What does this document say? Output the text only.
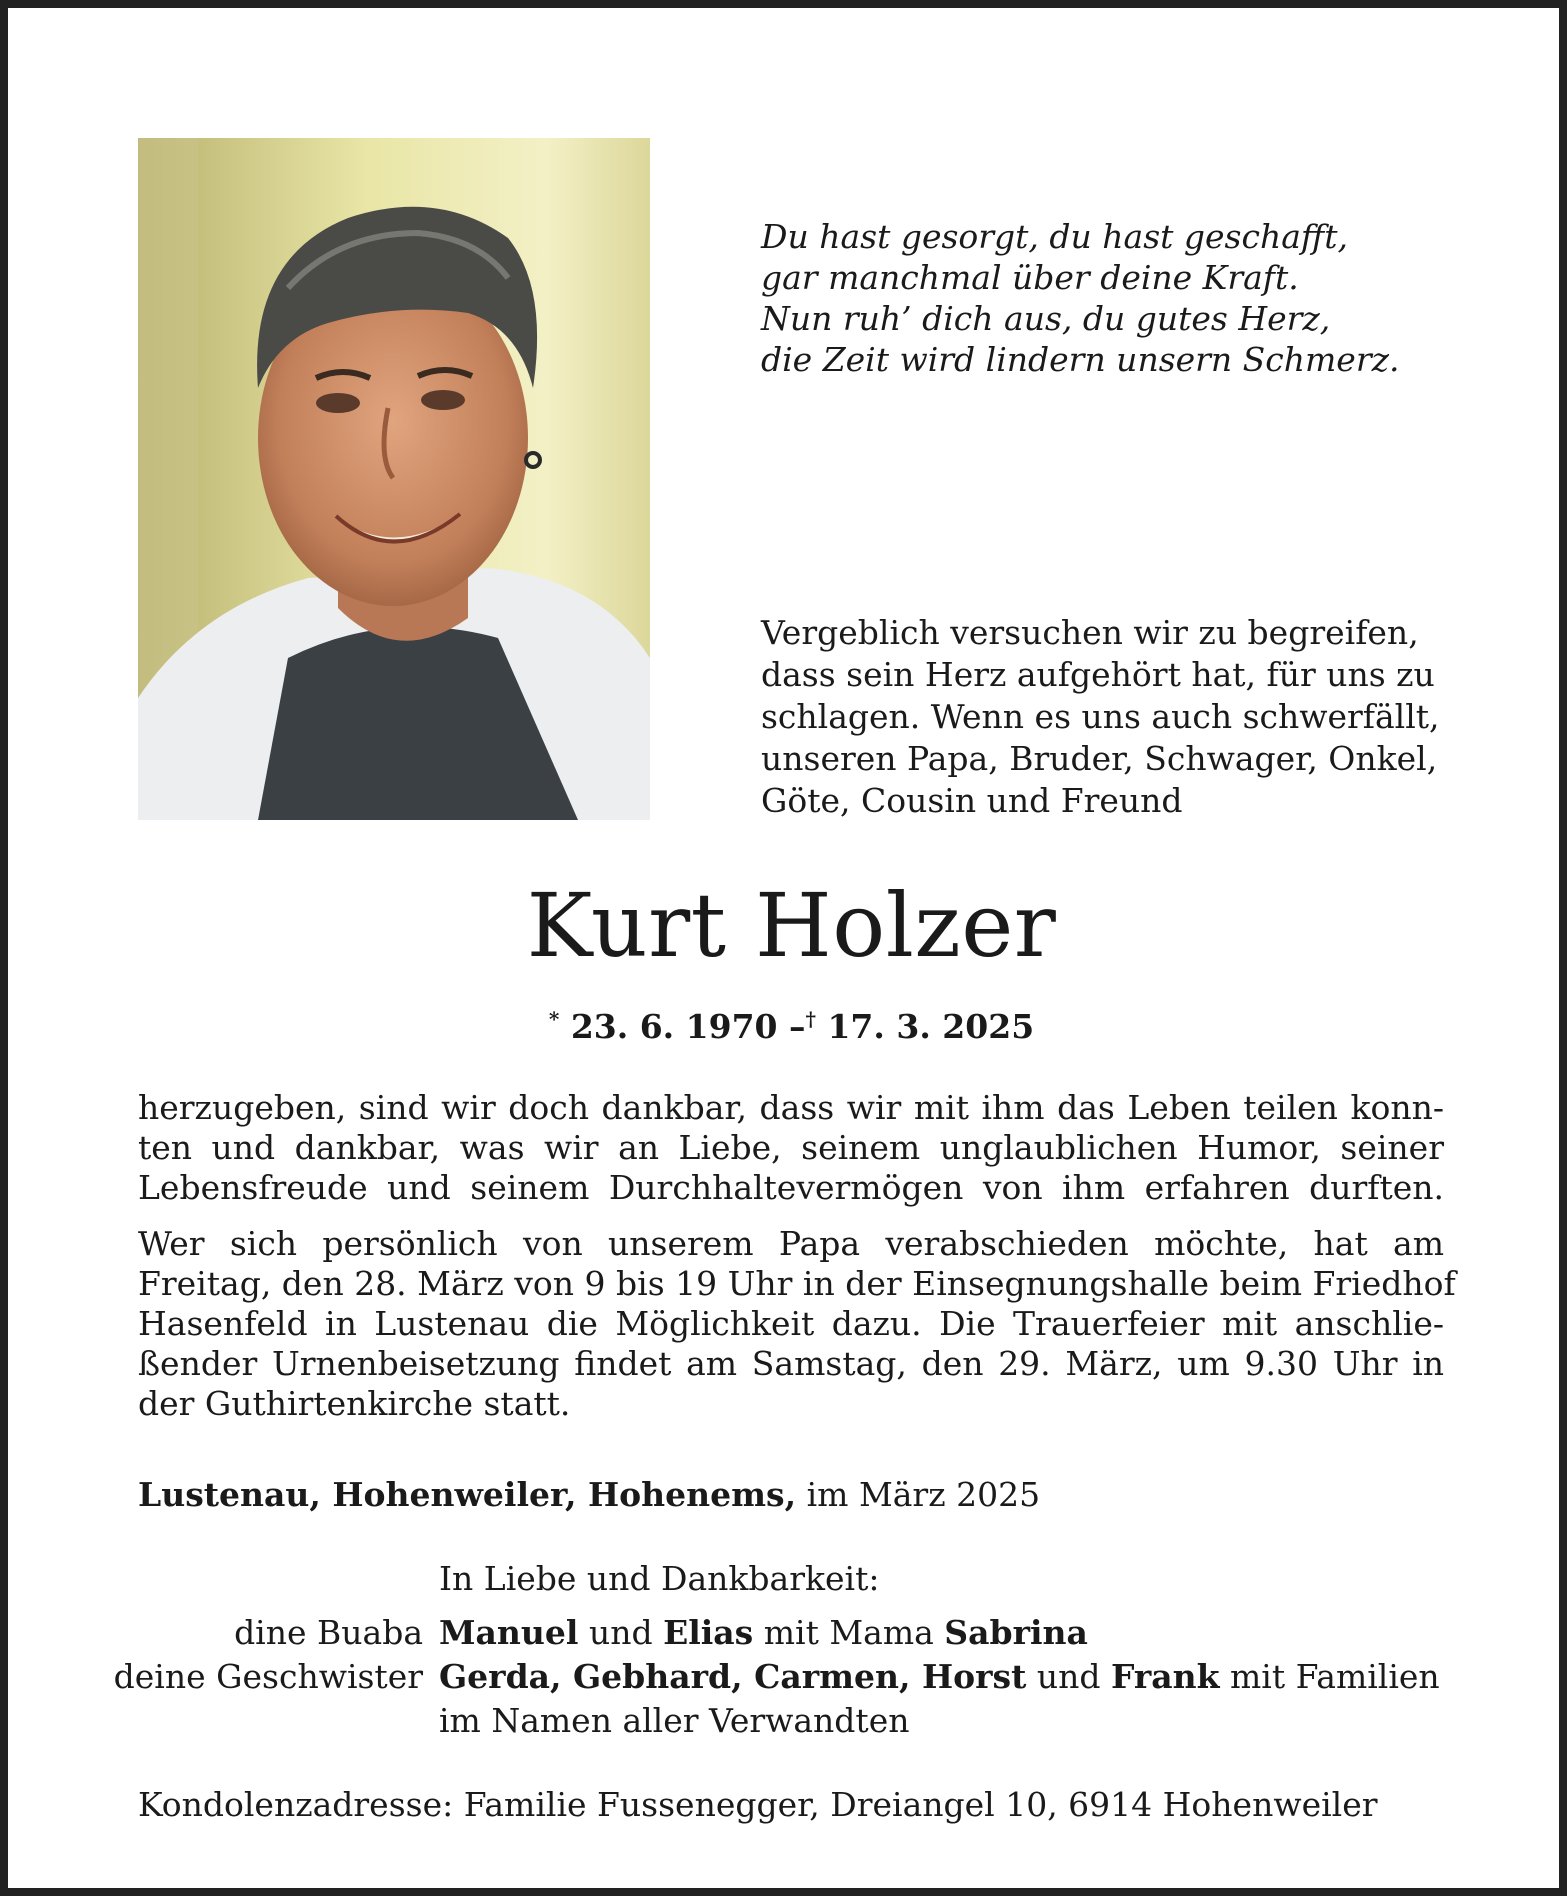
Du hast gesorgt, du hast geschafft,
gar manchmal über deine Kraft.
Nun ruh’ dich aus, du gutes Herz,
die Zeit wird lindern unsern Schmerz.
Vergeblich versuchen wir zu begreifen,
dass sein Herz aufgehört hat, für uns zu
schlagen. Wenn es uns auch schwerfällt,
unseren Papa, Bruder, Schwager, Onkel,
Göte, Cousin und Freund
Kurt Holzer
* 23. 6. 1970 –† 17. 3. 2025
herzugeben, sind wir doch dankbar, dass wir mit ihm das Leben teilen konn-
ten und dankbar, was wir an Liebe, seinem unglaublichen Humor, seiner
Lebensfreude und seinem Durchhaltevermögen von ihm erfahren durften.
Wer sich persönlich von unserem Papa verabschieden möchte, hat am
Freitag, den 28. März von 9 bis 19 Uhr in der Einsegnungshalle beim Friedhof
Hasenfeld in Lustenau die Möglichkeit dazu. Die Trauerfeier mit anschlie-
ßender Urnenbeisetzung findet am Samstag, den 29. März, um 9.30 Uhr in
der Guthirtenkirche statt.
Lustenau, Hohenweiler, Hohenems, im März 2025
In Liebe und Dankbarkeit:
dine Buaba Manuel und Elias mit Mama Sabrina
deine Geschwister Gerda, Gebhard, Carmen, Horst und Frank mit Familien
im Namen aller Verwandten
Kondolenzadresse: Familie Fussenegger, Dreiangel 10, 6914 Hohenweiler
